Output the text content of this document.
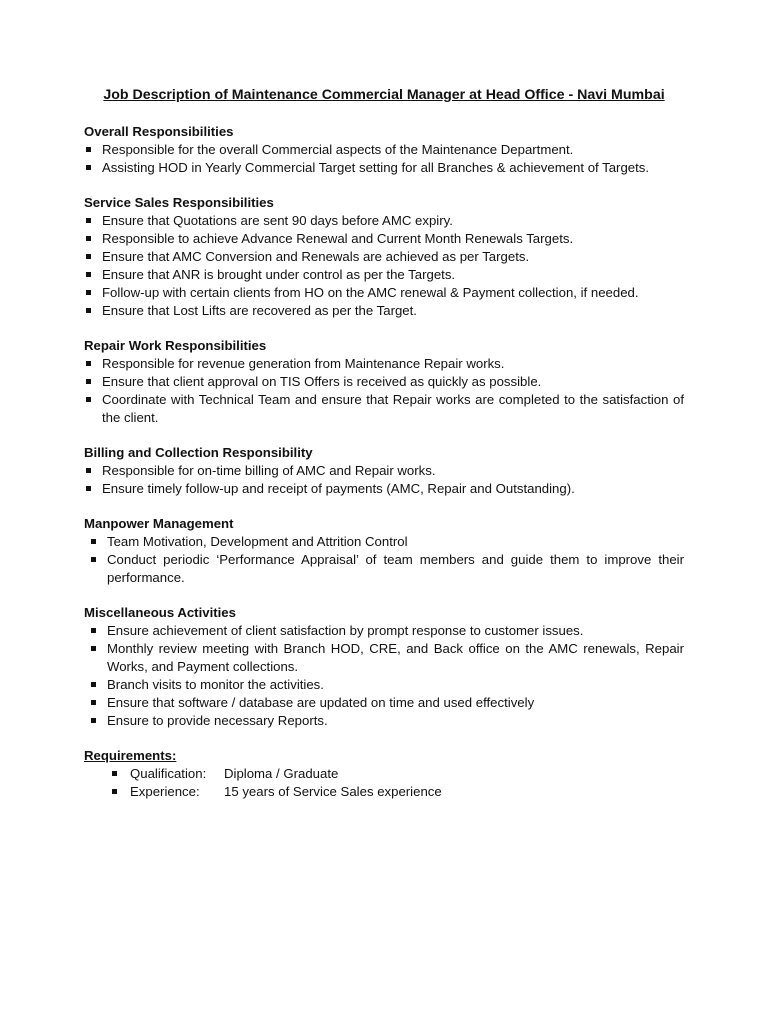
Job Description of Maintenance Commercial Manager at Head Office - Navi Mumbai
Overall Responsibilities
Responsible for the overall Commercial aspects of the Maintenance Department.
Assisting HOD in Yearly Commercial Target setting for all Branches & achievement of Targets.
Service Sales Responsibilities
Ensure that Quotations are sent 90 days before AMC expiry.
Responsible to achieve Advance Renewal and Current Month Renewals Targets.
Ensure that AMC Conversion and Renewals are achieved as per Targets.
Ensure that ANR is brought under control as per the Targets.
Follow-up with certain clients from HO on the AMC renewal & Payment collection, if needed.
Ensure that Lost Lifts are recovered as per the Target.
Repair Work Responsibilities
Responsible for revenue generation from Maintenance Repair works.
Ensure that client approval on TIS Offers is received as quickly as possible.
Coordinate with Technical Team and ensure that Repair works are completed to the satisfaction of the client.
Billing and Collection Responsibility
Responsible for on-time billing of AMC and Repair works.
Ensure timely follow-up and receipt of payments (AMC, Repair and Outstanding).
Manpower Management
Team Motivation, Development and Attrition Control
Conduct periodic ‘Performance Appraisal’ of team members and guide them to improve their performance.
Miscellaneous Activities
Ensure achievement of client satisfaction by prompt response to customer issues.
Monthly review meeting with Branch HOD, CRE, and Back office on the AMC renewals, Repair Works, and Payment collections.
Branch visits to monitor the activities.
Ensure that software / database are updated on time and used effectively
Ensure to provide necessary Reports.
Requirements:
Qualification: Diploma / Graduate
Experience: 15 years of Service Sales experience
